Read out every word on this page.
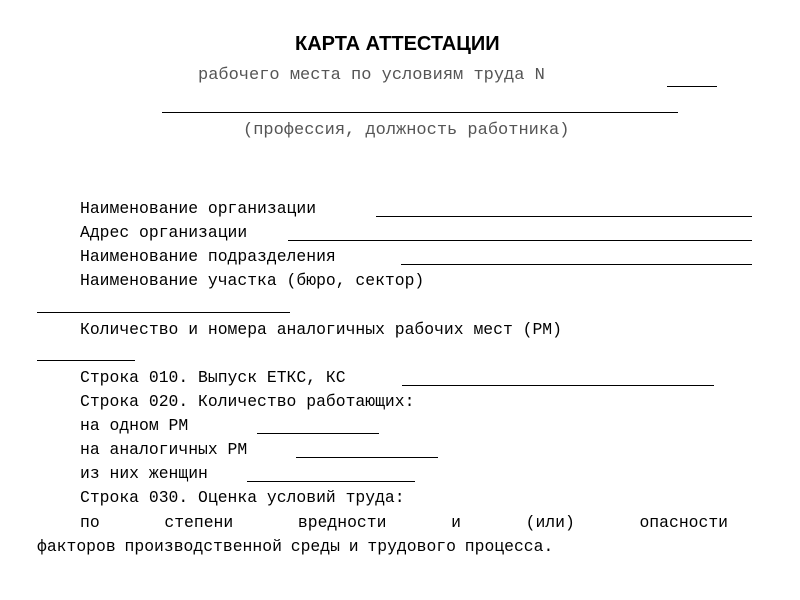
КАРТА АТТЕСТАЦИИ
рабочего места по условиям труда N
(профессия, должность работника)
Наименование организации
Адрес организации
Наименование подразделения
Наименование участка (бюро, сектор)
Количество и номера аналогичных рабочих мест (РМ)
Строка 010. Выпуск ЕТКС, КС
Строка 020. Количество работающих:
на одном РМ
на аналогичных РМ
из них женщин
Строка 030. Оценка условий труда:
по	степени	вредности	и	(или)	опасности
факторов производственной среды и трудового процесса.
